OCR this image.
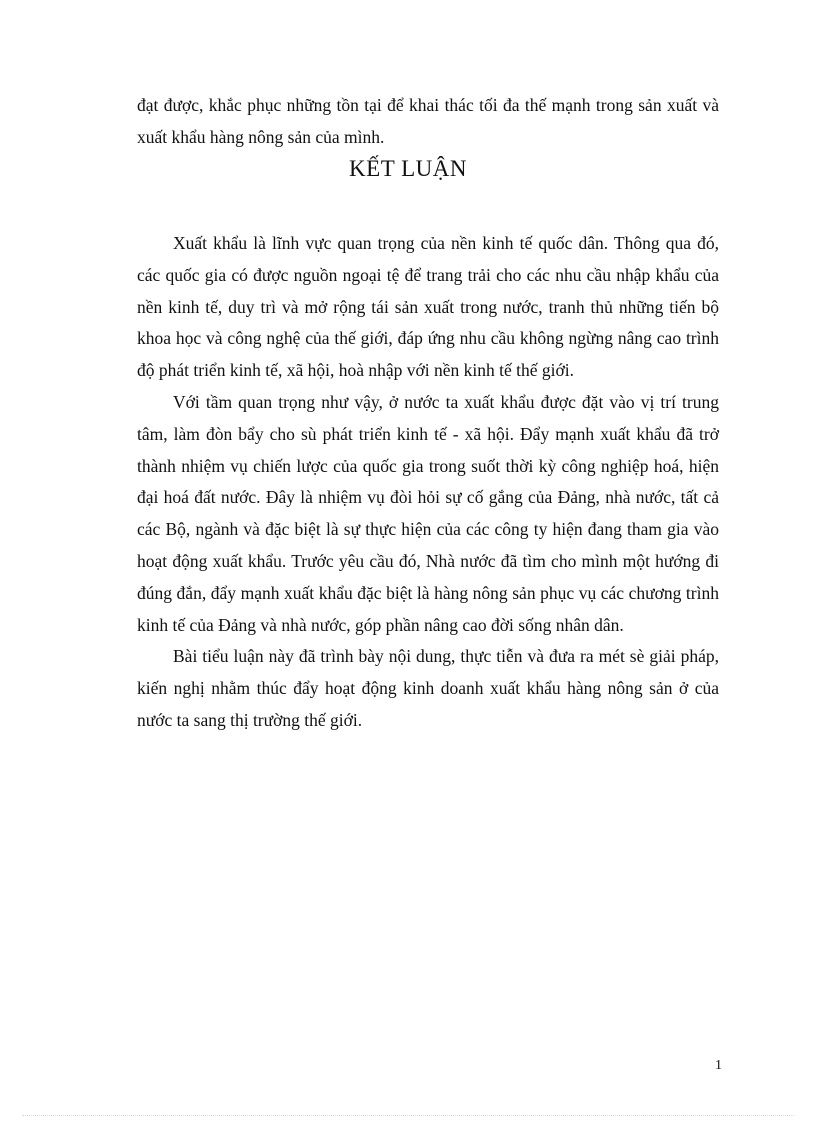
đạt được, khắc phục những tồn tại để khai thác tối đa thế mạnh trong sản xuất và xuất khẩu hàng nông sản của mình.

KẾT LUẬN

Xuất khẩu là lĩnh vực quan trọng của nền kinh tế quốc dân. Thông qua đó, các quốc gia có được nguồn ngoại tệ để trang trải cho các nhu cầu nhập khẩu của nền kinh tế, duy trì và mở rộng tái sản xuất trong nước, tranh thủ những tiến bộ khoa học và công nghệ của thế giới, đáp ứng nhu cầu không ngừng nâng cao trình độ phát triển kinh tế, xã hội, hoà nhập với nền kinh tế thế giới.

Với tầm quan trọng như vậy, ở nước ta xuất khẩu được đặt vào vị trí trung tâm, làm đòn bẩy cho sù phát triển kinh tế - xã hội. Đẩy mạnh xuất khẩu đã trở thành nhiệm vụ chiến lược của quốc gia trong suốt thời kỳ công nghiệp hoá, hiện đại hoá đất nước. Đây là nhiệm vụ đòi hỏi sự cố gắng của Đảng, nhà nước, tất cả các Bộ, ngành và đặc biệt là sự thực hiện của các công ty hiện đang tham gia vào hoạt động xuất khẩu. Trước yêu cầu đó, Nhà nước đã tìm cho mình một hướng đi đúng đắn, đẩy mạnh xuất khẩu đặc biệt là hàng nông sản phục vụ các chương trình kinh tế của Đảng và nhà nước, góp phần nâng cao đời sống nhân dân.

Bài tiểu luận này đã trình bày nội dung, thực tiễn và đưa ra mét sè giải pháp, kiến nghị nhằm thúc đẩy hoạt động kinh doanh xuất khẩu hàng nông sản ở của nước ta sang thị trường thế giới.

1
